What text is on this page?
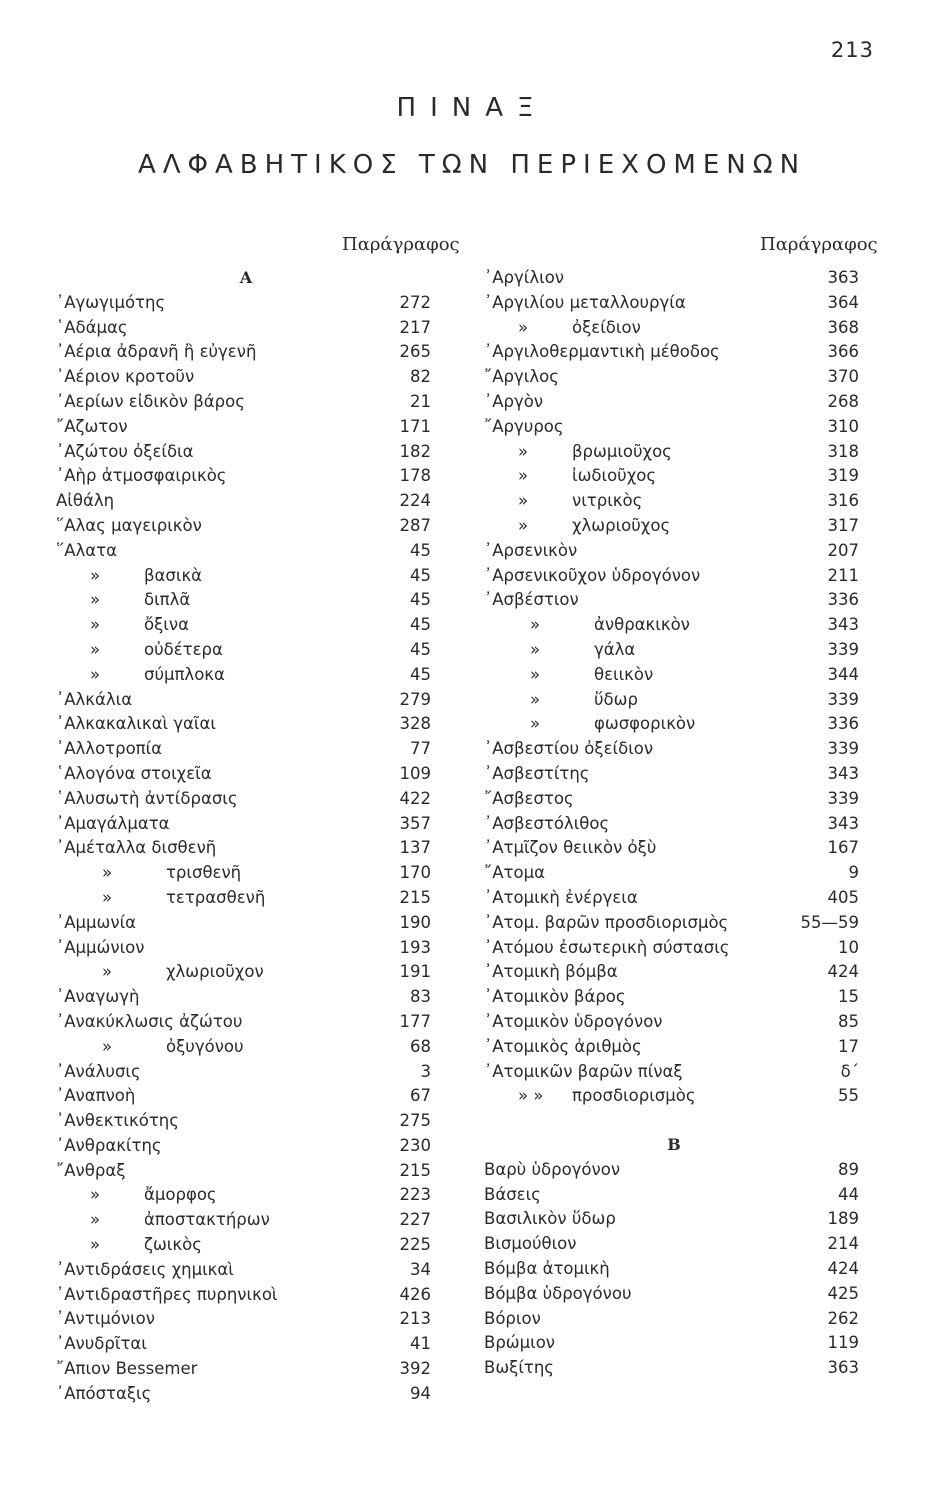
213
ΠΙΝΑΞ
ΑΛΦΑΒΗΤΙΚΟΣ ΤΩΝ ΠΕΡΙΕΧΟΜΕΝΩΝ
Παράγραφος	Παράγραφος
Α
᾿Αγωγιμότης	272
῾Αδάμας	217
᾿Αέρια ἀδρανῆ ἢ εὐγενῆ	265
᾿Αέριον κροτοῦν	82
᾿Αερίων εἰδικὸν βάρος	21
῎Αζωτον	171
᾿Αζώτου ὀξείδια	182
᾿Αὴρ ἀτμοσφαιρικὸς	178
Αἰθάλη	224
῞Αλας μαγειρικὸν	287
῞Αλατα	45
»	βασικὰ	45
»	διπλᾶ	45
»	ὄξινα	45
»	οὐδέτερα	45
»	σύμπλοκα	45
᾿Αλκάλια	279
᾿Αλκακαλικαὶ γαῖαι	328
᾿Αλλοτροπία	77
῾Αλογόνα στοιχεῖα	109
῾Αλυσωτὴ ἀντίδρασις	422
᾿Αμαγάλματα	357
᾿Αμέταλλα δισθενῆ	137
»	τρισθενῆ	170
»	τετρασθενῆ	215
᾿Αμμωνία	190
᾿Αμμώνιον	193
»	χλωριοῦχον	191
᾿Αναγωγὴ	83
᾿Ανακύκλωσις ἀζώτου	177
»	ὀξυγόνου	68
᾿Ανάλυσις	3
᾿Αναπνοὴ	67
᾿Ανθεκτικότης	275
᾿Ανθρακίτης	230
῎Ανθραξ	215
»	ἄμορφος	223
»	ἀποστακτήρων	227
»	ζωικὸς	225
᾿Αντιδράσεις χημικαὶ	34
᾿Αντιδραστῆρες πυρηνικοὶ	426
᾿Αντιμόνιον	213
᾿Ανυδρῖται	41
῎Απιον Bessemer	392
᾿Απόσταξις	94
᾿Αργίλιον	363
᾿Αργιλίου μεταλλουργία	364
»	ὀξείδιον	368
᾿Αργιλοθερμαντικὴ μέθοδος	366
῎Αργιλος	370
᾿Αργὸν	268
῎Αργυρος	310
»	βρωμιοῦχος	318
»	ἰωδιοῦχος	319
»	νιτρικὸς	316
»	χλωριοῦχος	317
᾿Αρσενικὸν	207
᾿Αρσενικοῦχον ὑδρογόνον	211
᾿Ασβέστιον	336
»	ἀνθρακικὸν	343
»	γάλα	339
»	θειικὸν	344
»	ὕδωρ	339
»	φωσφορικὸν	336
᾿Ασβεστίου ὀξείδιον	339
᾿Ασβεστίτης	343
῎Ασβεστος	339
᾿Ασβεστόλιθος	343
᾿Ατμῖζον θειικὸν ὀξὺ	167
῎Ατομα	9
᾿Ατομικὴ ἐνέργεια	405
᾿Ατομ. βαρῶν προσδιορισμὸς	55—59
᾿Ατόμου ἐσωτερικὴ σύστασις	10
᾿Ατομικὴ βόμβα	424
᾿Ατομικὸν βάρος	15
᾿Ατομικὸν ὑδρογόνον	85
᾿Ατομικὸς ἀριθμὸς	17
᾿Ατομικῶν βαρῶν πίναξ	δ΄
» » προσδιορισμὸς	55
Β
Βαρὺ ὑδρογόνον	89
Βάσεις	44
Βασιλικὸν ὕδωρ	189
Βισμούθιον	214
Βόμβα ἀτομικὴ	424
Βόμβα ὑδρογόνου	425
Βόριον	262
Βρώμιον	119
Βωξίτης	363
